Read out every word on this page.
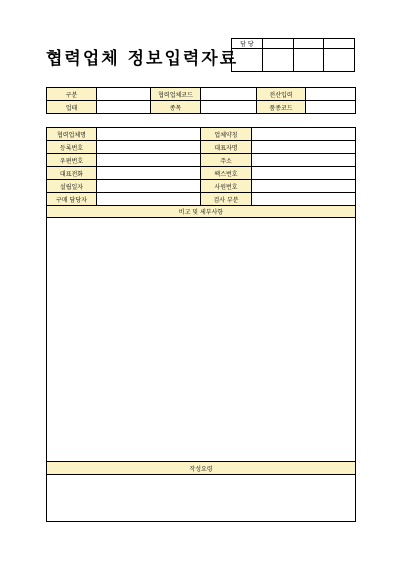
협력업체 정보입력자료
담 당			

구분		협력업체코드		전산입력	
업태		종목		품종코드	
협력업체명		업체약칭	
등록번호		대표자명	
우편번호		주소	
대표전화		팩스번호	
설립일자		사원번호	
구매 담당자		검사 부분	
비고 및 세부사항			

작성요령			
